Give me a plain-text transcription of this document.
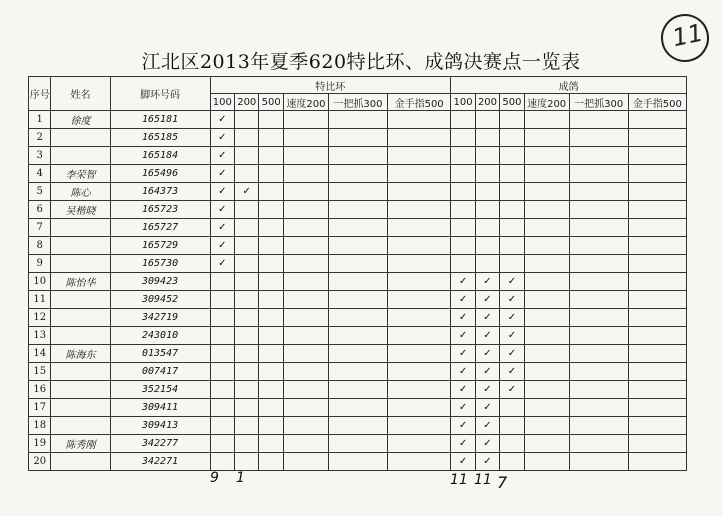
11
江北区2013年夏季620特比环、成鸽决赛点一览表
序号	姓名	脚环号码	特比环						成鸽					
			100	200	500	速度200	一把抓300	金手指500	100	200	500	速度200	一把抓300	金手指500
1	徐度	165181	✓											
2		165185	✓											
3		165184	✓											
4	李荣智	165496	✓											
5	陈心	164373	✓	✓										
6	吴楷晓	165723	✓											
7		165727	✓											
8		165729	✓											
9		165730	✓											
10	陈怡华	309423							✓	✓	✓			
11		309452							✓	✓	✓			
12		342719							✓	✓	✓			
13		243010							✓	✓	✓			
14	陈海东	013547							✓	✓	✓			
15		007417							✓	✓	✓			
16		352154							✓	✓	✓			
17		309411							✓	✓				
18		309413							✓	✓				
19	陈秀刚	342277							✓	✓				
20		342271							✓	✓				
9 1	11 11 7
